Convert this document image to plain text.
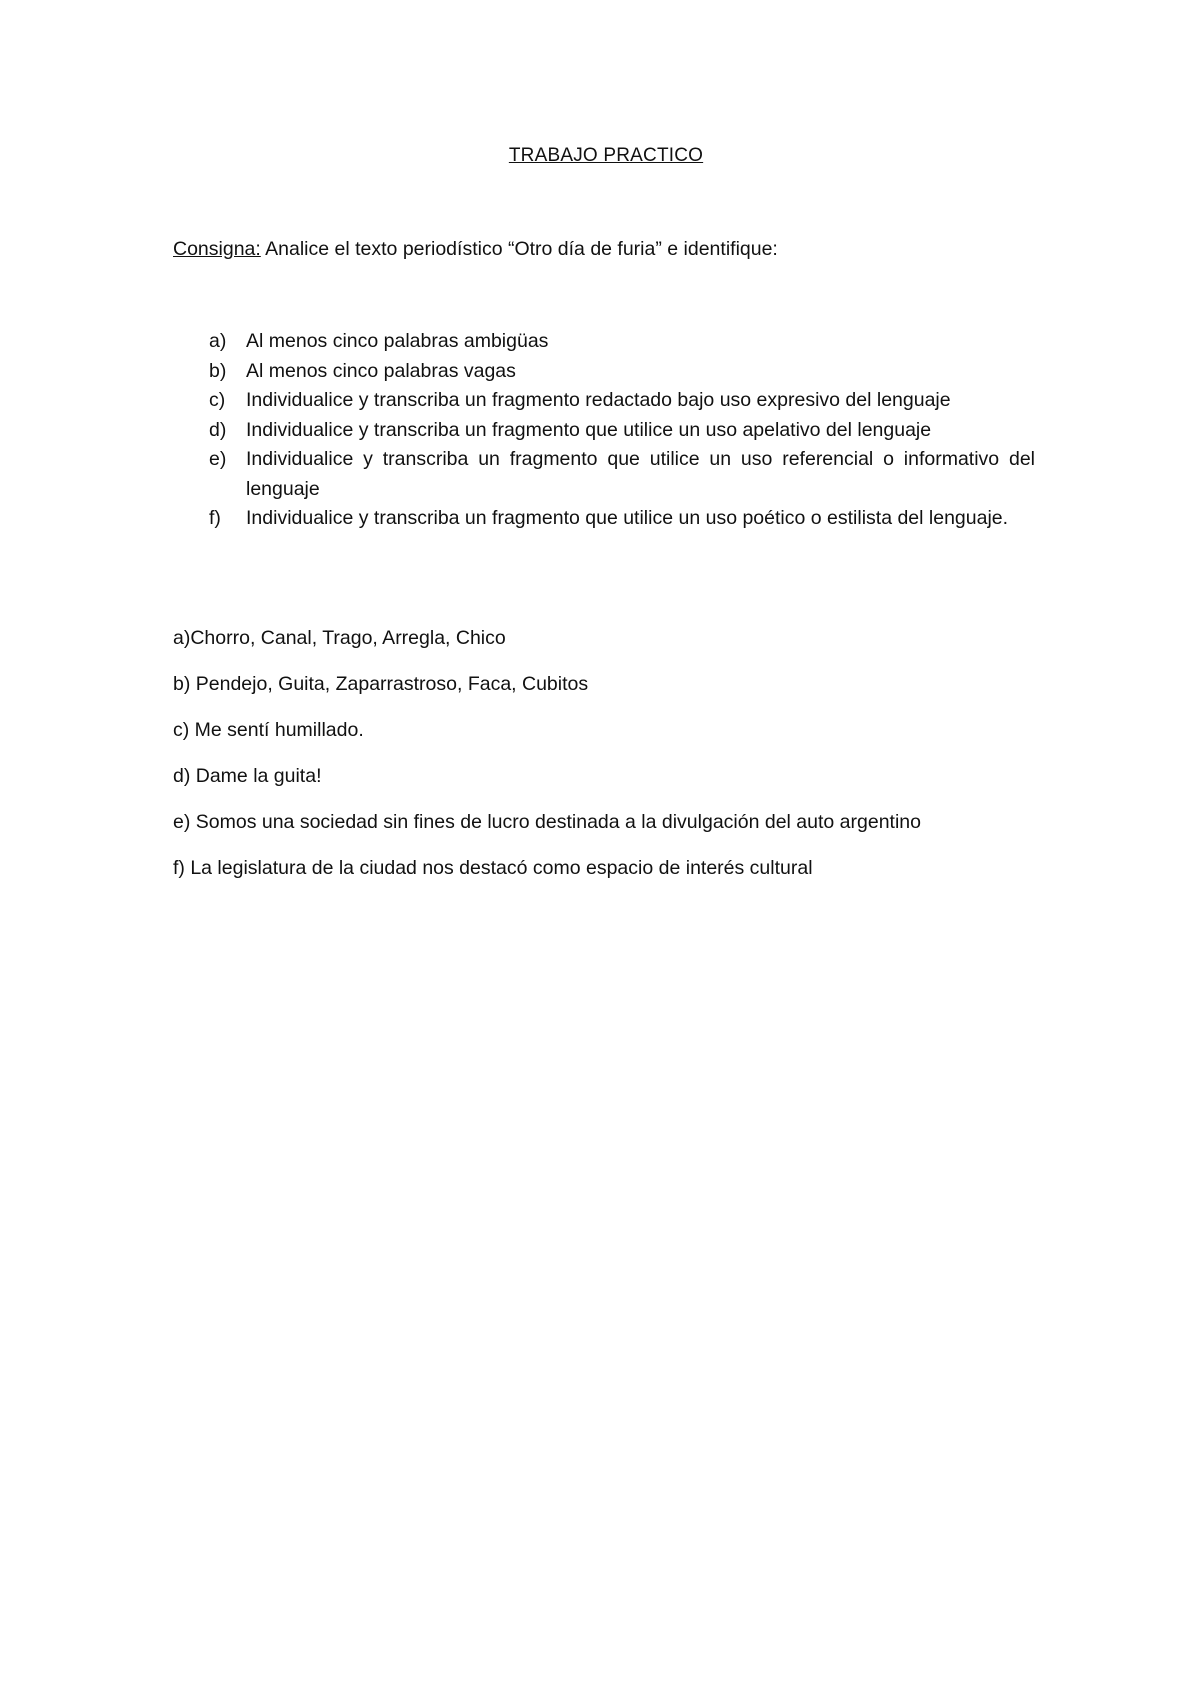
TRABAJO PRACTICO
Consigna: Analice el texto periodístico “Otro día de furia” e identifique:
a) Al menos cinco palabras ambigüas
b) Al menos cinco palabras vagas
c) Individualice y transcriba un fragmento redactado bajo uso expresivo del lenguaje
d) Individualice y transcriba un fragmento que utilice un uso apelativo del lenguaje
e) Individualice y transcriba un fragmento que utilice un uso referencial o informativo del lenguaje
f) Individualice y transcriba un fragmento que utilice un uso poético o estilista del lenguaje.

a)Chorro, Canal, Trago, Arregla, Chico

b) Pendejo, Guita, Zaparrastroso, Faca, Cubitos

c) Me sentí humillado.

d) Dame la guita!

e) Somos una sociedad sin fines de lucro destinada a la divulgación del auto argentino

f) La legislatura de la ciudad nos destacó como espacio de interés cultural
